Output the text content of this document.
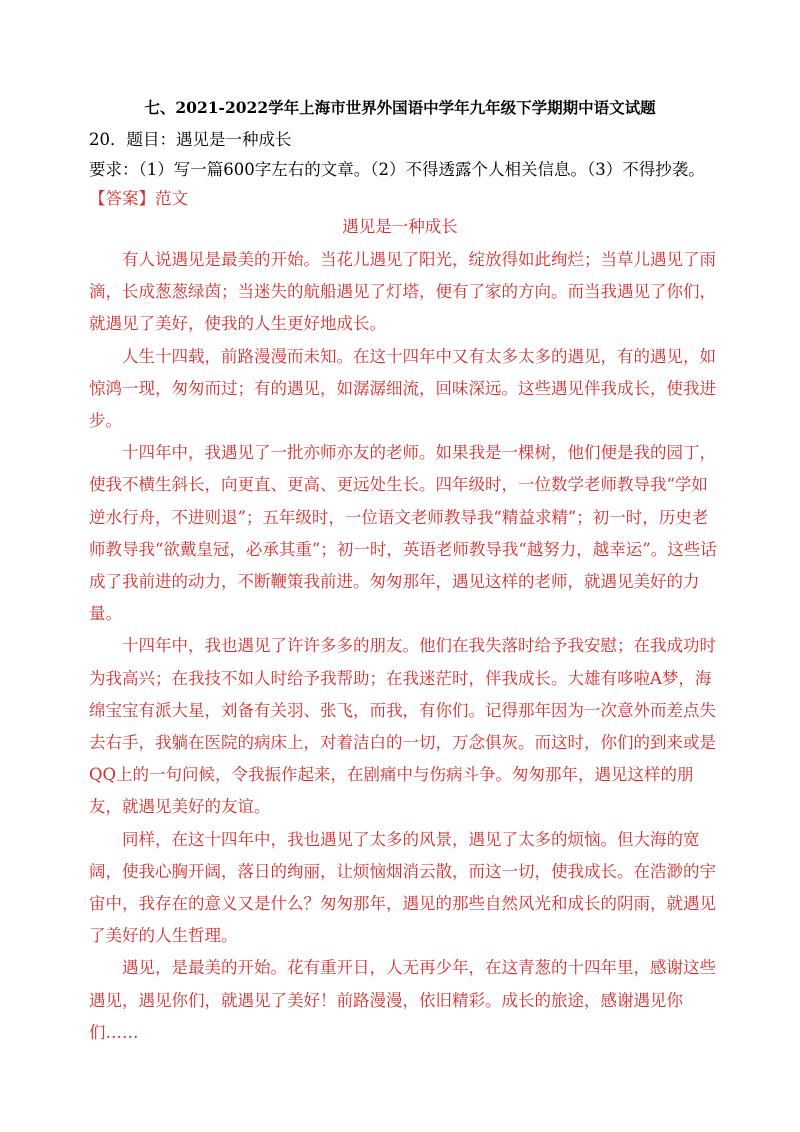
七、2021-2022学年上海市世界外国语中学年九年级下学期期中语文试题
20．题目：遇见是一种成长
要求：（1）写一篇600字左右的文章。（2）不得透露个人相关信息。（3）不得抄袭。
【答案】范文
遇见是一种成长

有人说遇见是最美的开始。当花儿遇见了阳光，绽放得如此绚烂；当草儿遇见了雨滴，长成葱葱绿茵；当迷失的航船遇见了灯塔，便有了家的方向。而当我遇见了你们，就遇见了美好，使我的人生更好地成长。

人生十四载，前路漫漫而未知。在这十四年中又有太多太多的遇见，有的遇见，如惊鸿一现，匆匆而过；有的遇见，如潺潺细流，回味深远。这些遇见伴我成长，使我进步。

十四年中，我遇见了一批亦师亦友的老师。如果我是一棵树，他们便是我的园丁，使我不横生斜长，向更直、更高、更远处生长。四年级时，一位数学老师教导我“学如逆水行舟，不进则退”；五年级时，一位语文老师教导我“精益求精”；初一时，历史老师教导我“欲戴皇冠，必承其重”；初一时，英语老师教导我“越努力，越幸运”。这些话成了我前进的动力，不断鞭策我前进。匆匆那年，遇见这样的老师，就遇见美好的力量。

十四年中，我也遇见了许许多多的朋友。他们在我失落时给予我安慰；在我成功时为我高兴；在我技不如人时给予我帮助；在我迷茫时，伴我成长。大雄有哆啦A梦，海绵宝宝有派大星，刘备有关羽、张飞，而我，有你们。记得那年因为一次意外而差点失去右手，我躺在医院的病床上，对着洁白的一切，万念俱灰。而这时，你们的到来或是QQ上的一句问候，令我振作起来，在剧痛中与伤病斗争。匆匆那年，遇见这样的朋友，就遇见美好的友谊。

同样，在这十四年中，我也遇见了太多的风景，遇见了太多的烦恼。但大海的宽阔，使我心胸开阔，落日的绚丽，让烦恼烟消云散，而这一切，使我成长。在浩渺的宇宙中，我存在的意义又是什么？匆匆那年，遇见的那些自然风光和成长的阴雨，就遇见了美好的人生哲理。

遇见，是最美的开始。花有重开日，人无再少年，在这青葱的十四年里，感谢这些遇见，遇见你们，就遇见了美好！前路漫漫，依旧精彩。成长的旅途，感谢遇见你们……
